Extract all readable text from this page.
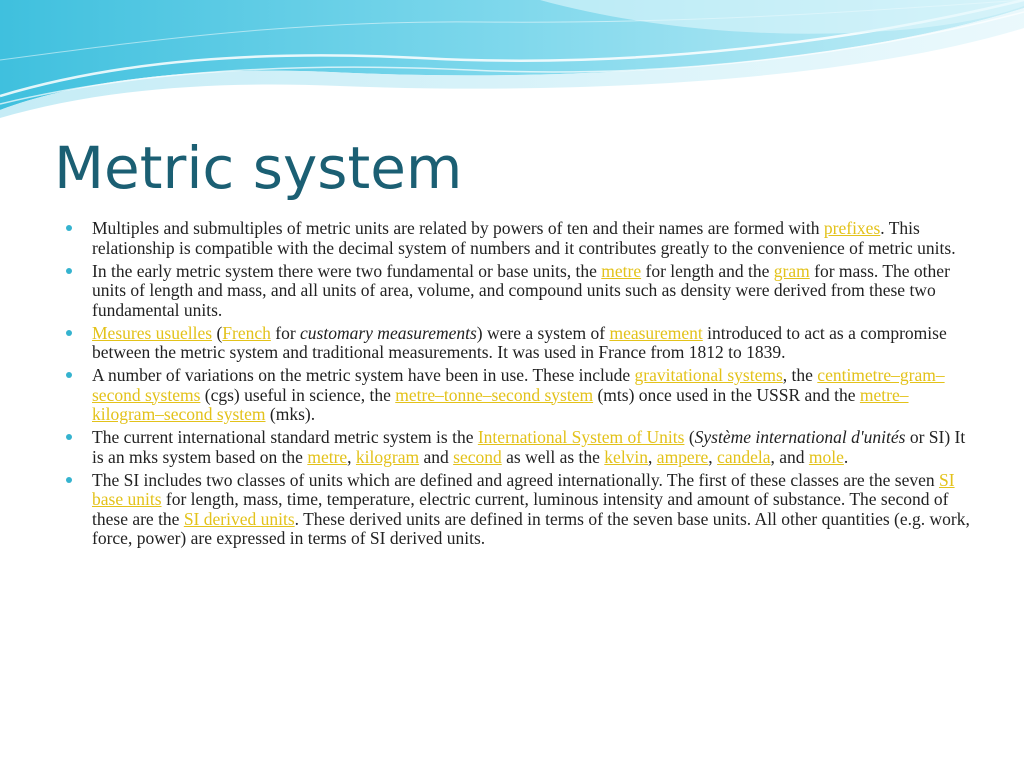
Metric system
Multiples and submultiples of metric units are related by powers of ten and their names are formed with prefixes. This relationship is compatible with the decimal system of numbers and it contributes greatly to the convenience of metric units.
In the early metric system there were two fundamental or base units, the metre for length and the gram for mass. The other units of length and mass, and all units of area, volume, and compound units such as density were derived from these two fundamental units.
Mesures usuelles (French for customary measurements) were a system of measurement introduced to act as a compromise between the metric system and traditional measurements. It was used in France from 1812 to 1839.
A number of variations on the metric system have been in use. These include gravitational systems, the centimetre–gram–second systems (cgs) useful in science, the metre–tonne–second system (mts) once used in the USSR and the metre–kilogram–second system (mks).
The current international standard metric system is the International System of Units (Système international d'unités or SI) It is an mks system based on the metre, kilogram and second as well as the kelvin, ampere, candela, and mole.
The SI includes two classes of units which are defined and agreed internationally. The first of these classes are the seven SI base units for length, mass, time, temperature, electric current, luminous intensity and amount of substance. The second of these are the SI derived units. These derived units are defined in terms of the seven base units. All other quantities (e.g. work, force, power) are expressed in terms of SI derived units.
